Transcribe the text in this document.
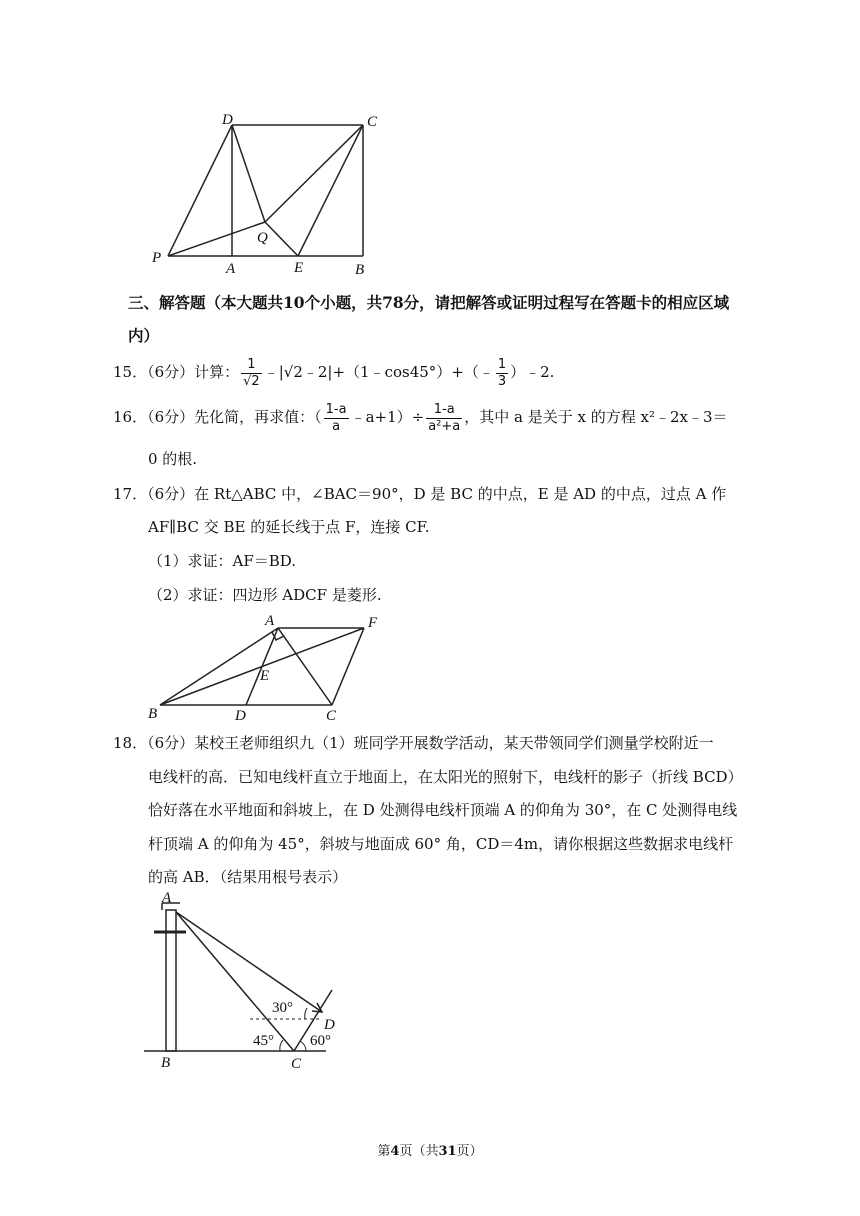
D	C
P
Q
A	E	B
三、解答题（本大题共10个小题，共78分，请把解答或证明过程写在答题卡的相应区域
内）
15．（6分）计算： $\frac{1}{√2}$ ﹣|√2﹣2|+（1﹣cos45°）+（﹣ $\frac{1}{3}$ ）﹣2.
16．（6分）先化简，再求值：（ $\frac{1-a}{a}$ ﹣a+1）÷ $\frac{1-a}{\text{a²+a}}$ ，其中 a 是关于 x 的方程 x²﹣2x﹣3＝
0 的根.
17．（6分）在 Rt△ABC 中，∠BAC＝90°，D 是 BC 的中点，E 是 AD 的中点，过点 A 作
AF∥BC 交 BE 的延长线于点 F，连接 CF.
（1）求证：AF＝BD.
（2）求证：四边形 ADCF 是菱形.
A	F
E
B	D	C
18．（6分）某校王老师组织九（1）班同学开展数学活动，某天带领同学们测量学校附近一
电线杆的高．已知电线杆直立于地面上，在太阳光的照射下，电线杆的影子（折线 BCD）
恰好落在水平地面和斜坡上，在 D 处测得电线杆顶端 A 的仰角为 30°，在 C 处测得电线
杆顶端 A 的仰角为 45°，斜坡与地面成 60° 角，CD＝4m，请你根据这些数据求电线杆
的高 AB．（结果用根号表示）
30°
45° 60°
A
D
B	C
第4页（共31页）
